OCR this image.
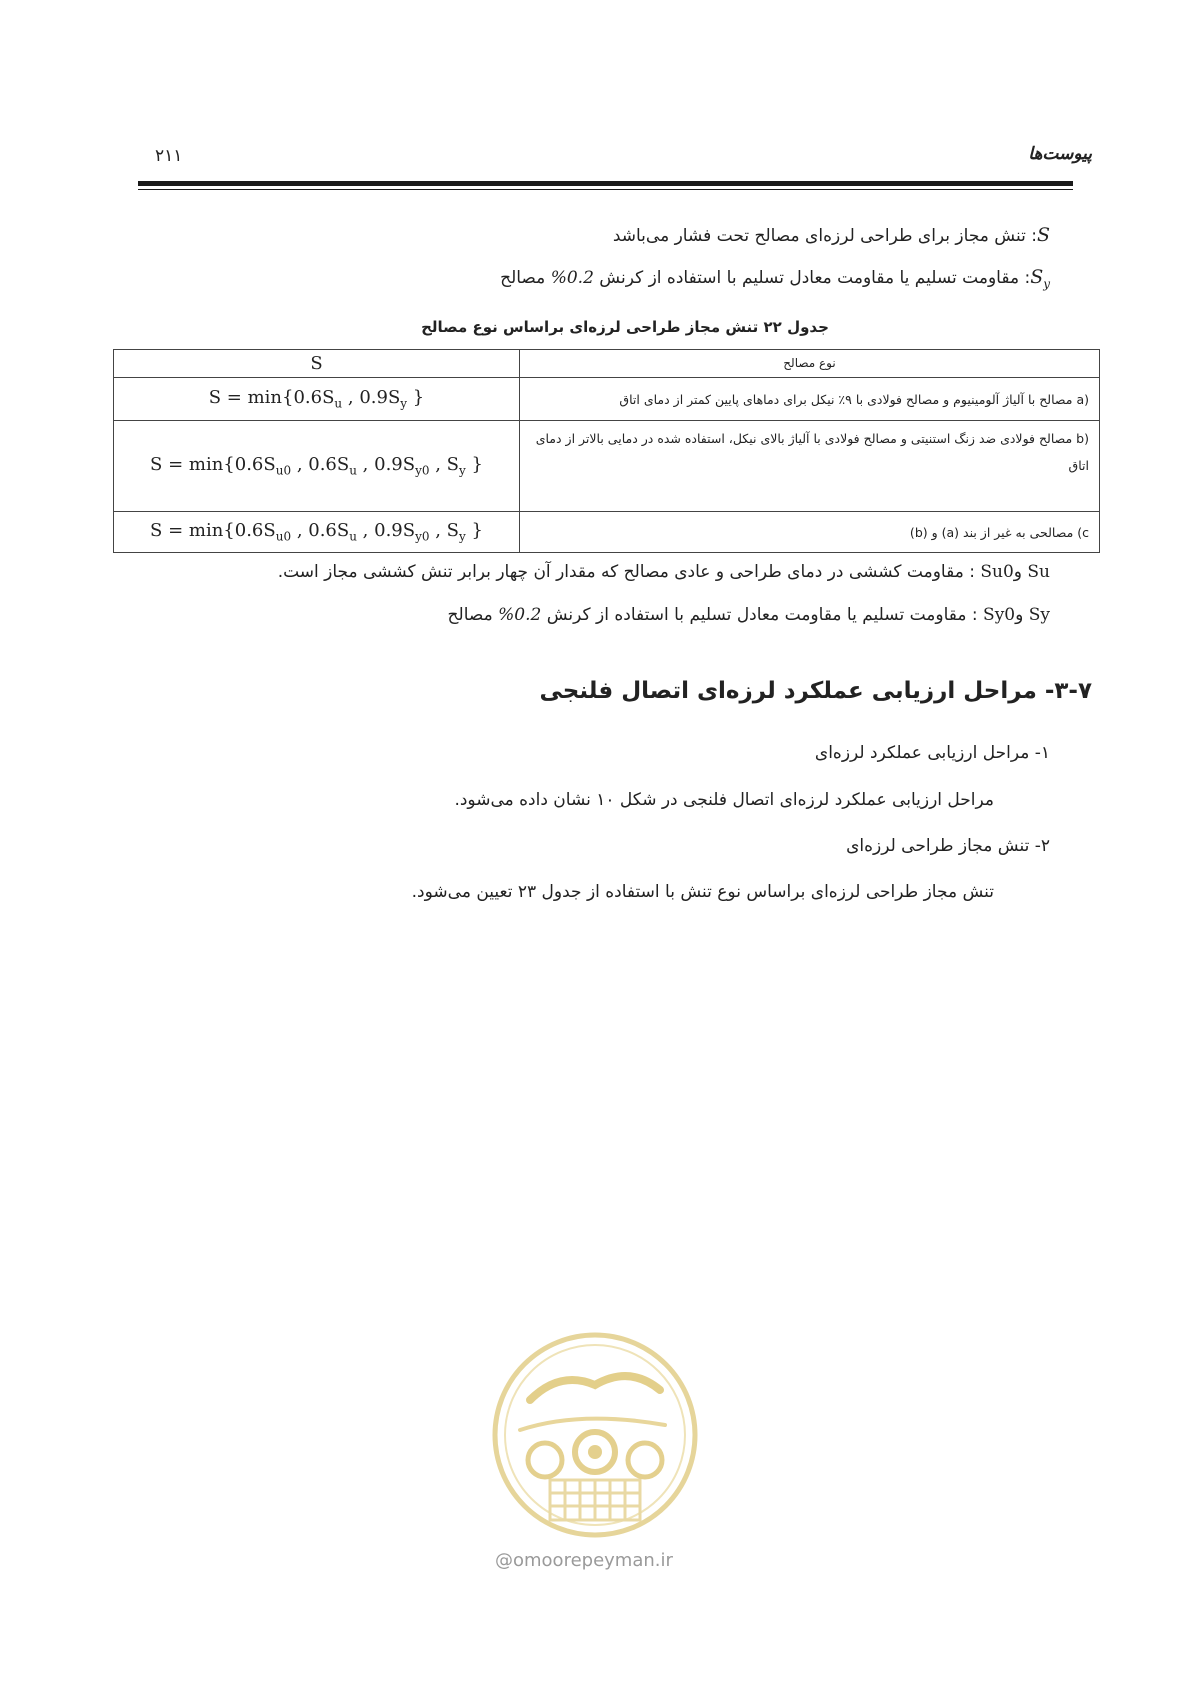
۲۱۱	پیوست‌ها
S: تنش مجاز برای طراحی لرزه‌ای مصالح تحت فشار می‌باشد
$S_y$: مقاومت تسلیم یا مقاومت معادل تسلیم با استفاده از کرنش 0.2% مصالح
جدول ۲۲ تنش مجاز طراحی لرزه‌ای براساس نوع مصالح
S	نوع مصالح
$S = \min\{0.6S_u$ , $0.9S_y$ }	(a مصالح با آلیاژ آلومینیوم و مصالح فولادی با ۹٪ نیکل برای دماهای پایین کمتر از دمای اتاق
$S = \min\{0.6S_{u0}$ , $0.6S_u$ , $0.9S_{y0}$ , $S_y$ }	(b مصالح فولادی ضد زنگ استنیتی و مصالح فولادی با آلیاژ بالای نیکل، استفاده شده در دمایی بالاتر از دمای اتاق
$S = \min\{0.6S_{u0}$ , $0.6S_u$ , $0.9S_{y0}$ , $S_y$ }	c) مصالحی به غیر از بند (a) و (b)
Su وSu0 : مقاومت کششی در دمای طراحی و عادی مصالح که مقدار آن چهار برابر تنش کششی مجاز است.
Sy وSy0 : مقاومت تسلیم یا مقاومت معادل تسلیم با استفاده از کرنش 0.2% مصالح
۳-۷- مراحل ارزیابی عملکرد لرزه‌ای اتصال فلنجی
۱- مراحل ارزیابی عملکرد لرزه‌ای
مراحل ارزیابی عملکرد لرزه‌ای اتصال فلنجی در شکل ۱۰ نشان داده می‌شود.
۲- تنش مجاز طراحی لرزه‌ای
تنش مجاز طراحی لرزه‌ای براساس نوع تنش با استفاده از جدول ۲۳ تعیین می‌شود.
@omoorepeyman.ir
